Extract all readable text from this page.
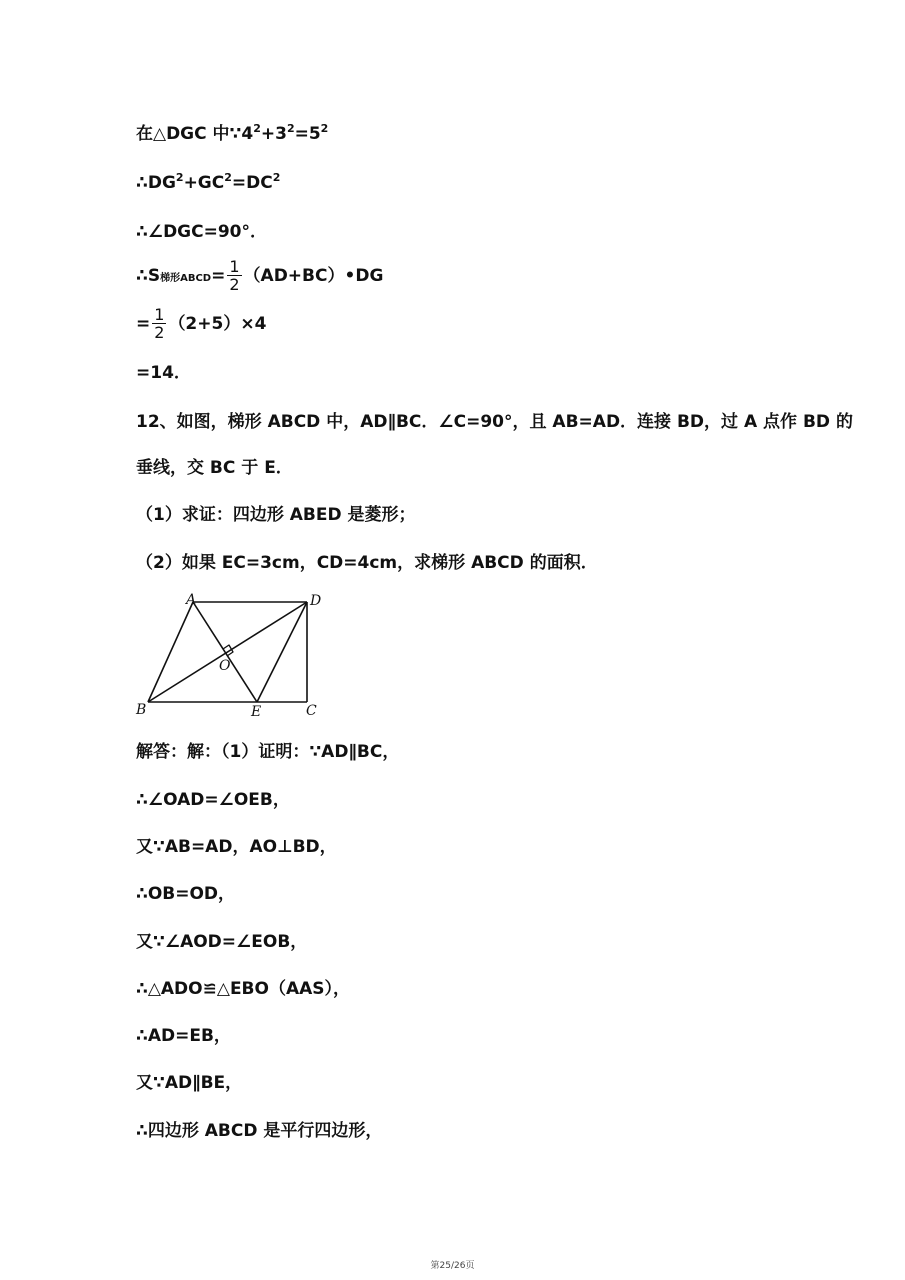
在△DGC 中$\because 4^2+3^2=5^2$
$\therefore DG^2+GC^2=DC^2$
∴∠DGC=90°．
∴S梯形ABCD= $\frac{1}{2}$ （AD+BC）•DG
= $\frac{1}{2} (2+5)\times 4$
=14．
12、如图，梯形 ABCD 中，AD∥BC．∠C=90°，且 AB=AD．连接 BD，过 A 点作 BD 的
垂线，交 BC 于 E．
（1）求证：四边形 ABED 是菱形；
（2）如果 EC=3cm，CD=4cm，求梯形 ABCD 的面积．
A	D
O
B	E	C
解答：解：（1）证明：∵AD∥BC，
∴∠OAD=∠OEB，
又∵AB=AD，AO⊥BD，
∴OB=OD，
又∵∠AOD=∠EOB，
∴△ADO≌△EBO（AAS），
∴AD=EB，
又∵AD∥BE，
∴四边形 ABCD 是平行四边形，
第25/26页
